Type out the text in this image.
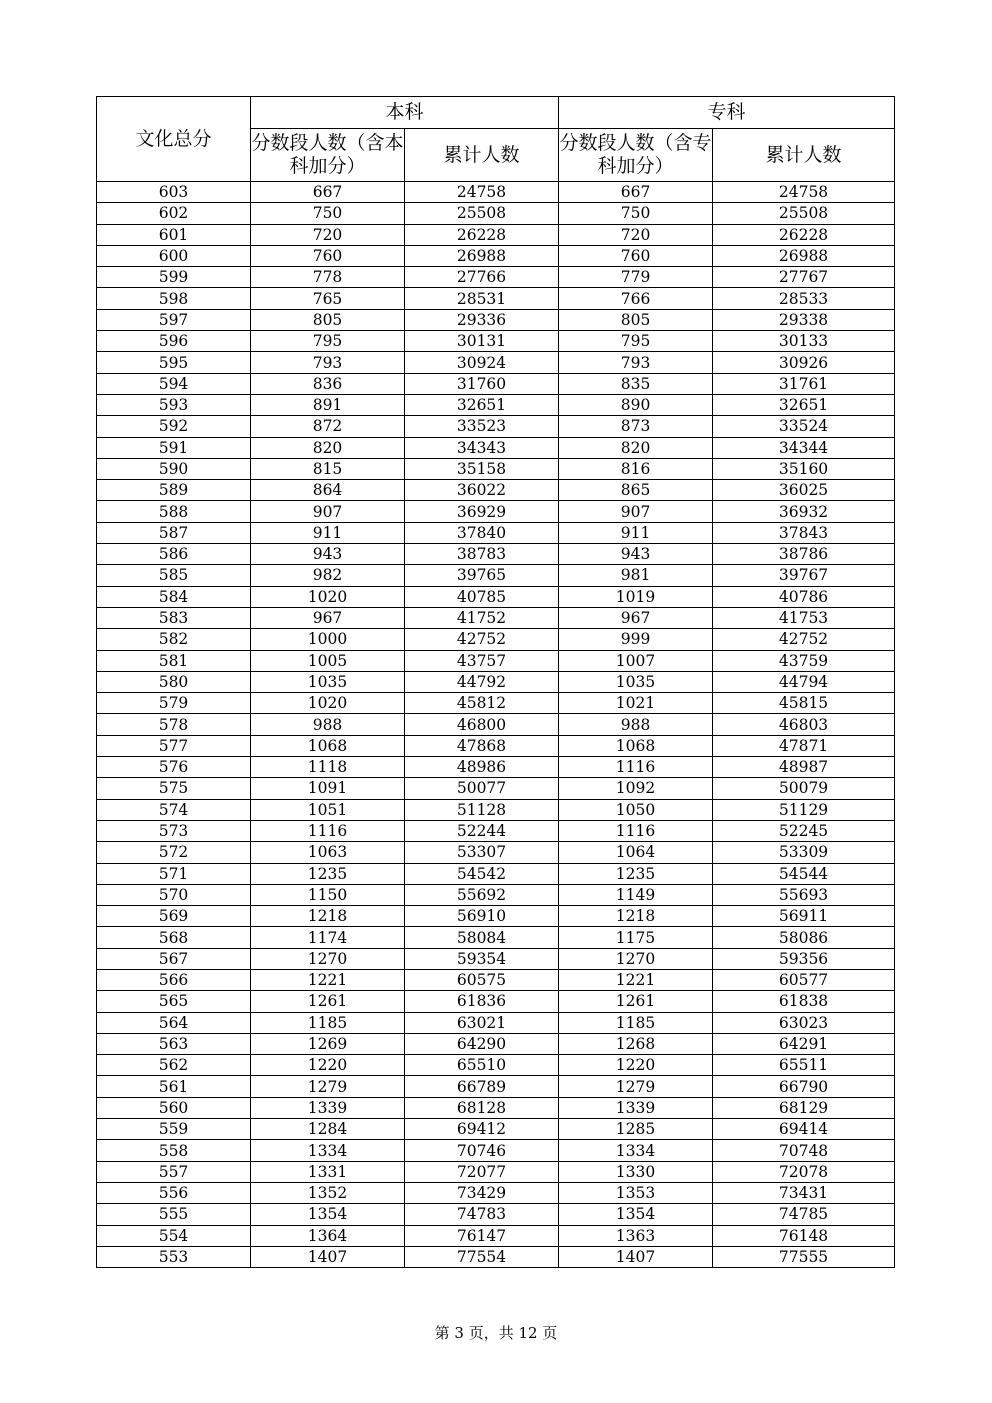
文化总分	本科		专科	
	分数段人数（含本科加分）	累计人数	分数段人数（含专科加分）	累计人数
603	667	24758	667	24758
602	750	25508	750	25508
601	720	26228	720	26228
600	760	26988	760	26988
599	778	27766	779	27767
598	765	28531	766	28533
597	805	29336	805	29338
596	795	30131	795	30133
595	793	30924	793	30926
594	836	31760	835	31761
593	891	32651	890	32651
592	872	33523	873	33524
591	820	34343	820	34344
590	815	35158	816	35160
589	864	36022	865	36025
588	907	36929	907	36932
587	911	37840	911	37843
586	943	38783	943	38786
585	982	39765	981	39767
584	1020	40785	1019	40786
583	967	41752	967	41753
582	1000	42752	999	42752
581	1005	43757	1007	43759
580	1035	44792	1035	44794
579	1020	45812	1021	45815
578	988	46800	988	46803
577	1068	47868	1068	47871
576	1118	48986	1116	48987
575	1091	50077	1092	50079
574	1051	51128	1050	51129
573	1116	52244	1116	52245
572	1063	53307	1064	53309
571	1235	54542	1235	54544
570	1150	55692	1149	55693
569	1218	56910	1218	56911
568	1174	58084	1175	58086
567	1270	59354	1270	59356
566	1221	60575	1221	60577
565	1261	61836	1261	61838
564	1185	63021	1185	63023
563	1269	64290	1268	64291
562	1220	65510	1220	65511
561	1279	66789	1279	66790
560	1339	68128	1339	68129
559	1284	69412	1285	69414
558	1334	70746	1334	70748
557	1331	72077	1330	72078
556	1352	73429	1353	73431
555	1354	74783	1354	74785
554	1364	76147	1363	76148
553	1407	77554	1407	77555
第 3 页，共 12 页
